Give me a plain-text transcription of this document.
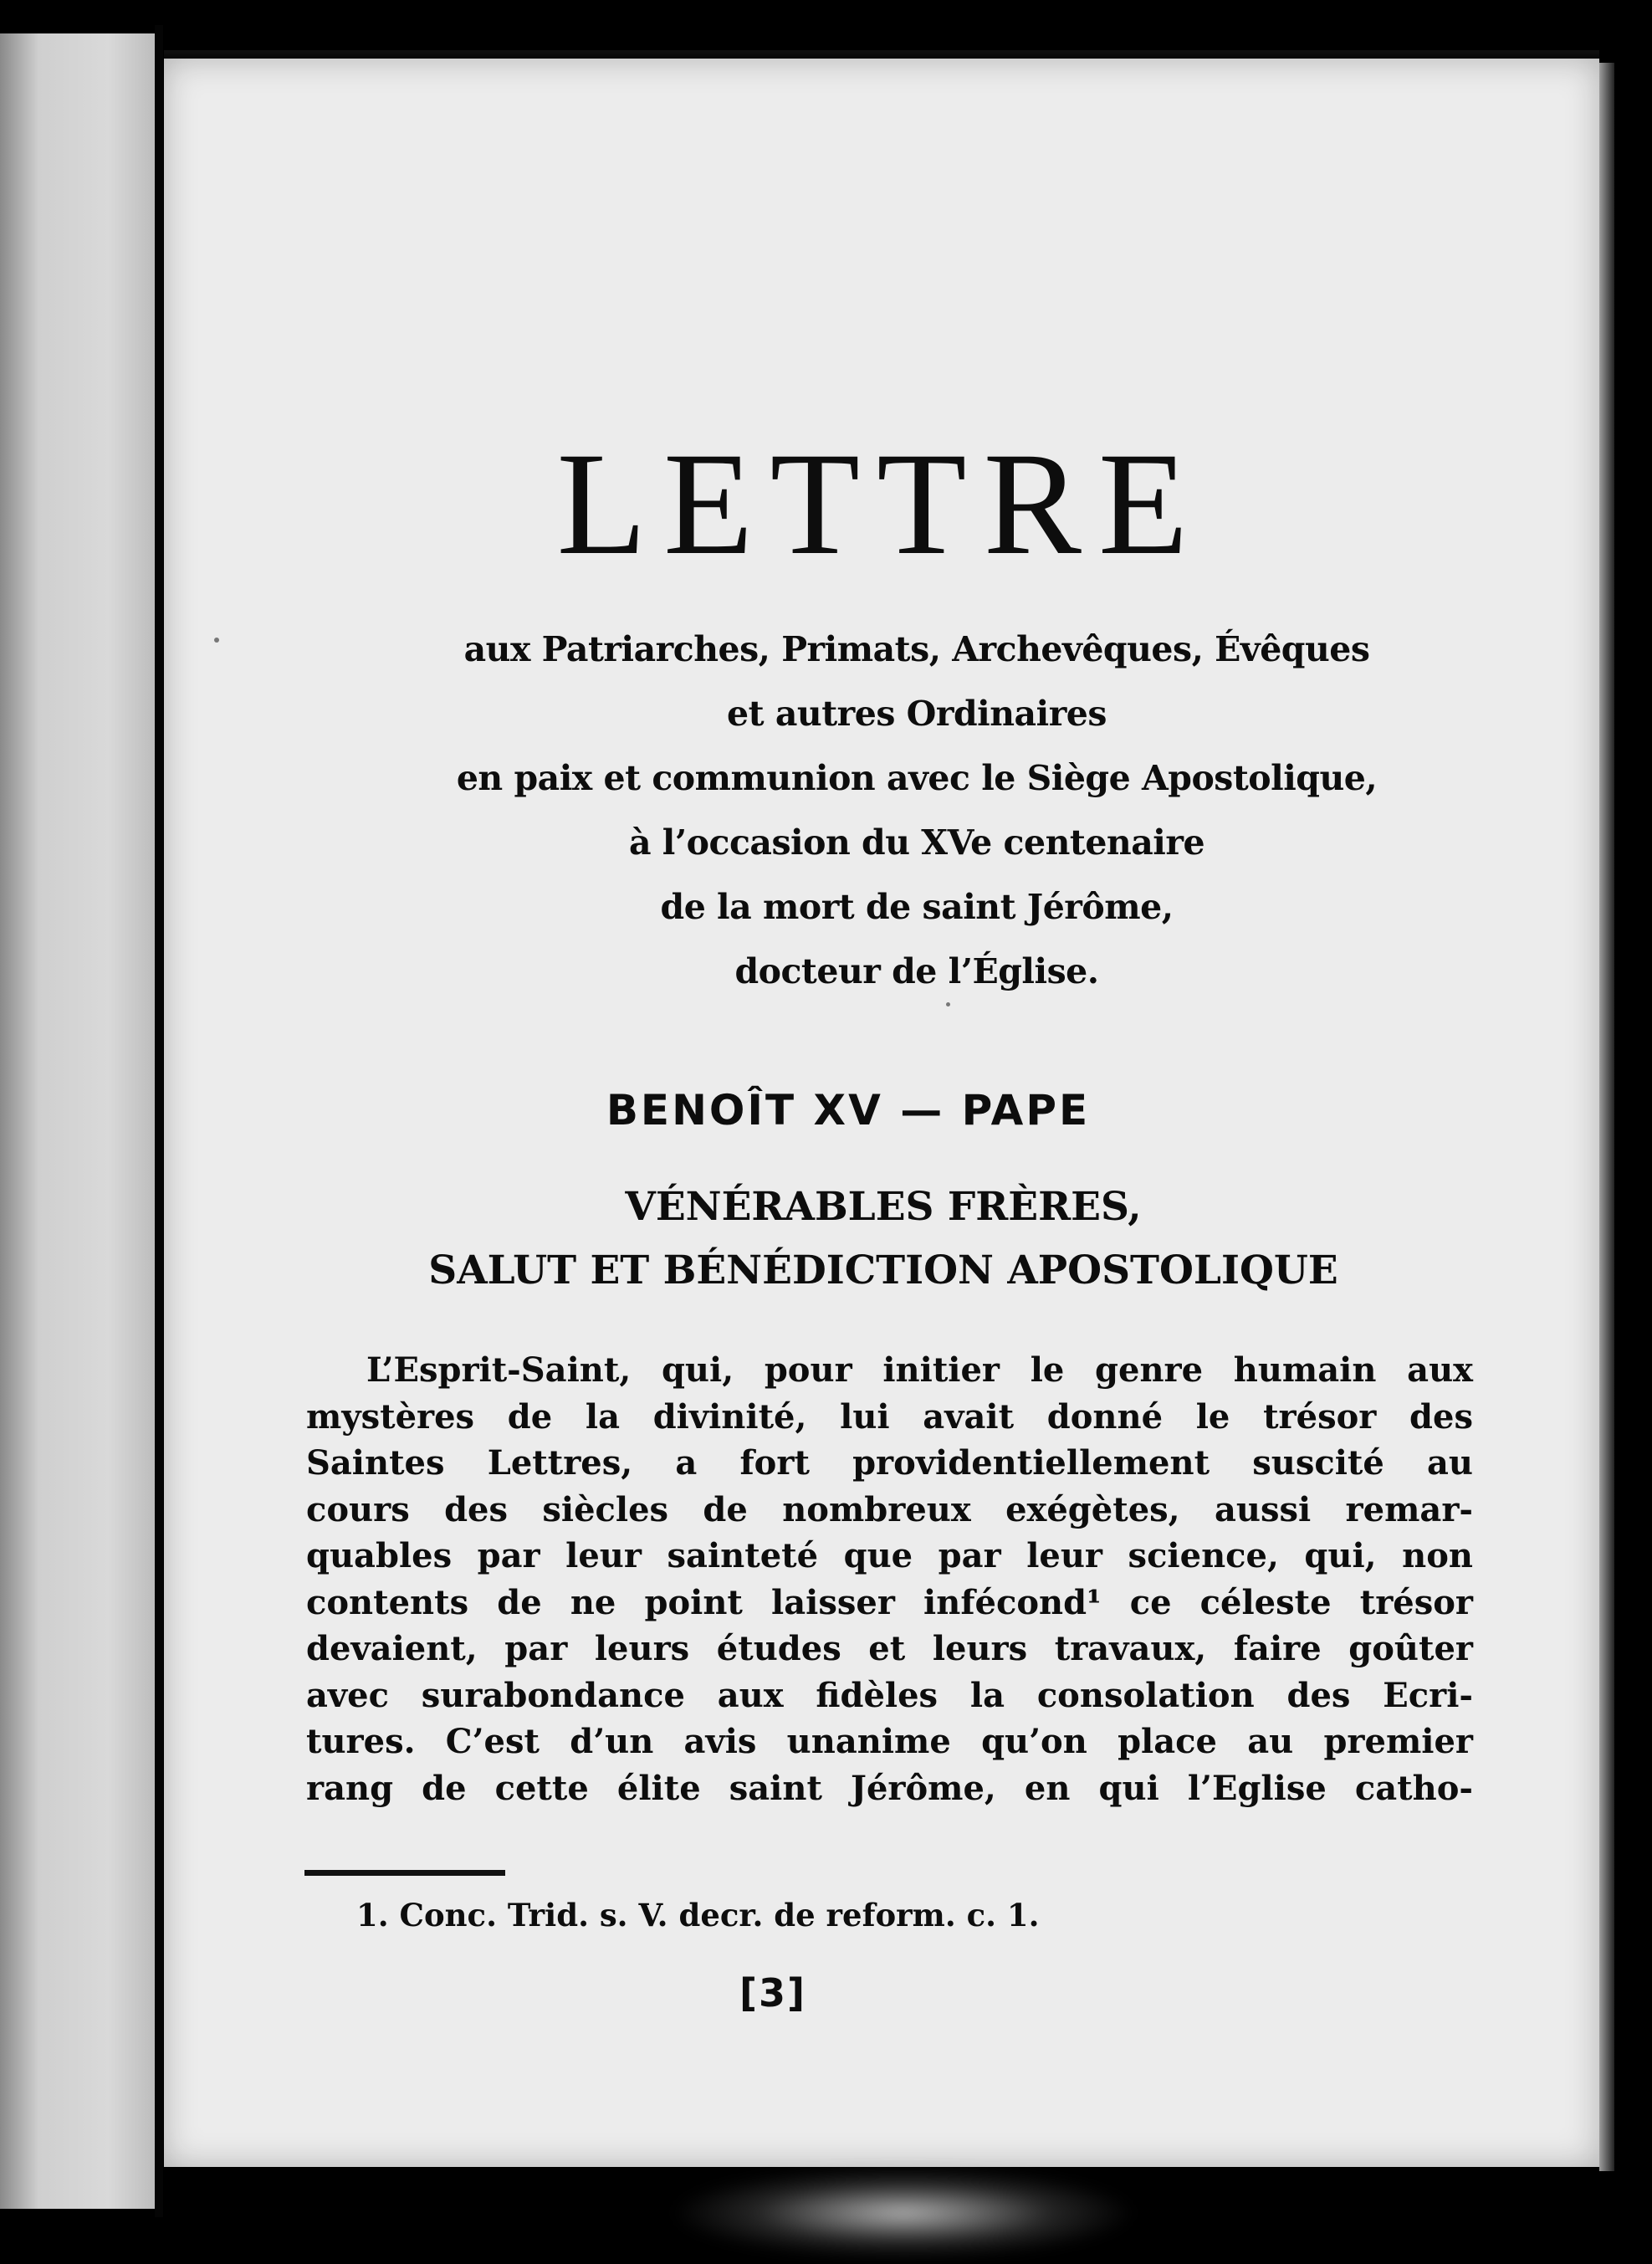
LETTRE
aux Patriarches, Primats, Archevêques, Évêques
et autres Ordinaires
en paix et communion avec le Siège Apostolique,
à l’occasion du XVe centenaire
de la mort de saint Jérôme,
docteur de l’Église.
BENOÎT XV — PAPE
VÉNÉRABLES FRÈRES,
SALUT ET BÉNÉDICTION APOSTOLIQUE
L’Esprit-Saint, qui, pour initier le genre humain aux
mystères de la divinité, lui avait donné le trésor des
Saintes Lettres, a fort providentiellement suscité au
cours des siècles de nombreux exégètes, aussi remar-
quables par leur sainteté que par leur science, qui, non
contents de ne point laisser infécond¹ ce céleste trésor
devaient, par leurs études et leurs travaux, faire goûter
avec surabondance aux fidèles la consolation des Ecri-
tures. C’est d’un avis unanime qu’on place au premier
rang de cette élite saint Jérôme, en qui l’Eglise catho-
1. Conc. Trid. s. V. decr. de reform. c. 1.
[3]
